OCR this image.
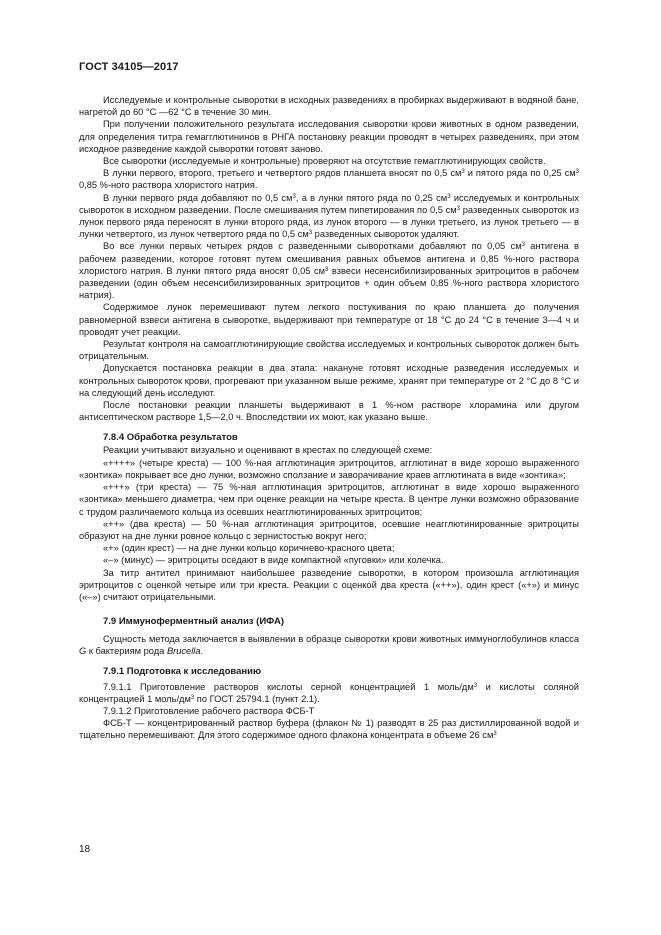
ГОСТ 34105—2017

Исследуемые и контрольные сыворотки в исходных разведениях в пробирках выдерживают в водяной бане, нагретой до 60 °C —62 °C в течение 30 мин.

При получении положительного результата исследования сыворотки крови животных в одном разведении, для определения титра гемагглютининов в РНГА постановку реакции проводят в четырех разведениях, при этом исходное разведение каждой сыворотки готовят заново.

Все сыворотки (исследуемые и контрольные) проверяют на отсутствие гемагглютинирующих свойств.

В лунки первого, второго, третьего и четвертого рядов планшета вносят по 0,5 $см^3$ и пятого ряда по 0,25 $см^3$ 0,85 %-ного раствора хлористого натрия.

В лунки первого ряда добавляют по 0,5 $см^3$, а в лунки пятого ряда по 0,25 $см^3$ исследуемых и контрольных сывороток в исходном разведении. После смешивания путем пипетирования по 0,5 $см^3$ разведенных сывороток из лунок первого ряда переносят в лунки второго ряда, из лунок второго — в лунки третьего, из лунок третьего — в лунки четвертого, из лунок четвертого ряда по 0,5 $см^3$ разведенных сывороток удаляют.

Во все лунки первых четырех рядов с разведенными сыворотками добавляют по 0,05 $см^3$ антигена в рабочем разведении, которое готовят путем смешивания равных объемов антигена и 0,85 %-ного раствора хлористого натрия. В лунки пятого ряда вносят 0,05 $см^3$ взвеси несенсибилизированных эритроцитов в рабочем разведении (один объем несенсибилизированных эритроцитов + один объем 0,85 %-ного раствора хлористого натрия).

Содержимое лунок перемешивают путем легкого постукивания по краю планшета до получения равномерной взвеси антигена в сыворотке, выдерживают при температуре от 18 °C до 24 °C в течение 3—4 ч и проводят учет реакции.

Результат контроля на самоагглютинирующие свойства исследуемых и контрольных сывороток должен быть отрицательным.

Допускается постановка реакции в два этапа: накануне готовят исходные разведения исследуемых и контрольных сывороток крови, прогревают при указанном выше режиме, хранят при температуре от 2 °C до 8 °C и на следующий день исследуют.

После постановки реакции планшеты выдерживают в 1 %-ном растворе хлорамина или другом антисептическом растворе 1,5—2,0 ч. Впоследствии их моют, как указано выше.

7.8.4 Обработка результатов

Реакции учитывают визуально и оценивают в крестах по следующей схеме:

«++++» (четыре креста) — 100 %-ная агглютинация эритроцитов, агглютинат в виде хорошо выраженного «зонтика» покрывает все дно лунки, возможно сползание и заворачивание краев агглютината в виде «зонтика»;

«+++» (три креста) — 75 %-ная агглютинация эритроцитов, агглютинат в виде хорошо выраженного «зонтика» меньшего диаметра, чем при оценке реакции на четыре креста. В центре лунки возможно образование с трудом различаемого кольца из осевших неагглютинированных эритроцитов;

«++» (два креста) — 50 %-ная агглютинация эритроцитов, осевшие неагглютинированные эритроциты образуют на дне лунки ровное кольцо с зернистостью вокруг него;

«+» (один крест) — на дне лунки кольцо коричнево-красного цвета;

«–» (минус) — эритроциты оседают в виде компактной «пуговки» или колечка.

За титр антител принимают наибольшее разведение сыворотки, в котором произошла агглютинация эритроцитов с оценкой четыре или три креста. Реакции с оценкой два креста («++»), один крест («+») и минус («–») считают отрицательными.

7.9 Иммуноферментный анализ (ИФА)

Сущность метода заключается в выявлении в образце сыворотки крови животных иммуноглобулинов класса G к бактериям рода Brucella.

7.9.1 Подготовка к исследованию

7.9.1.1 Приготовление растворов кислоты серной концентрацией 1 моль/$дм^3$ и кислоты соляной концентрацией 1 моль/$дм^3$ по ГОСТ 25794.1 (пункт 2.1).

7.9.1.2 Приготовление рабочего раствора ФСБ-Т

ФСБ-Т — концентрированный раствор буфера (флакон № 1) разводят в 25 раз дистиллированной водой и тщательно перемешивают. Для этого содержимое одного флакона концентрата в объеме 26 $см^3$

18
